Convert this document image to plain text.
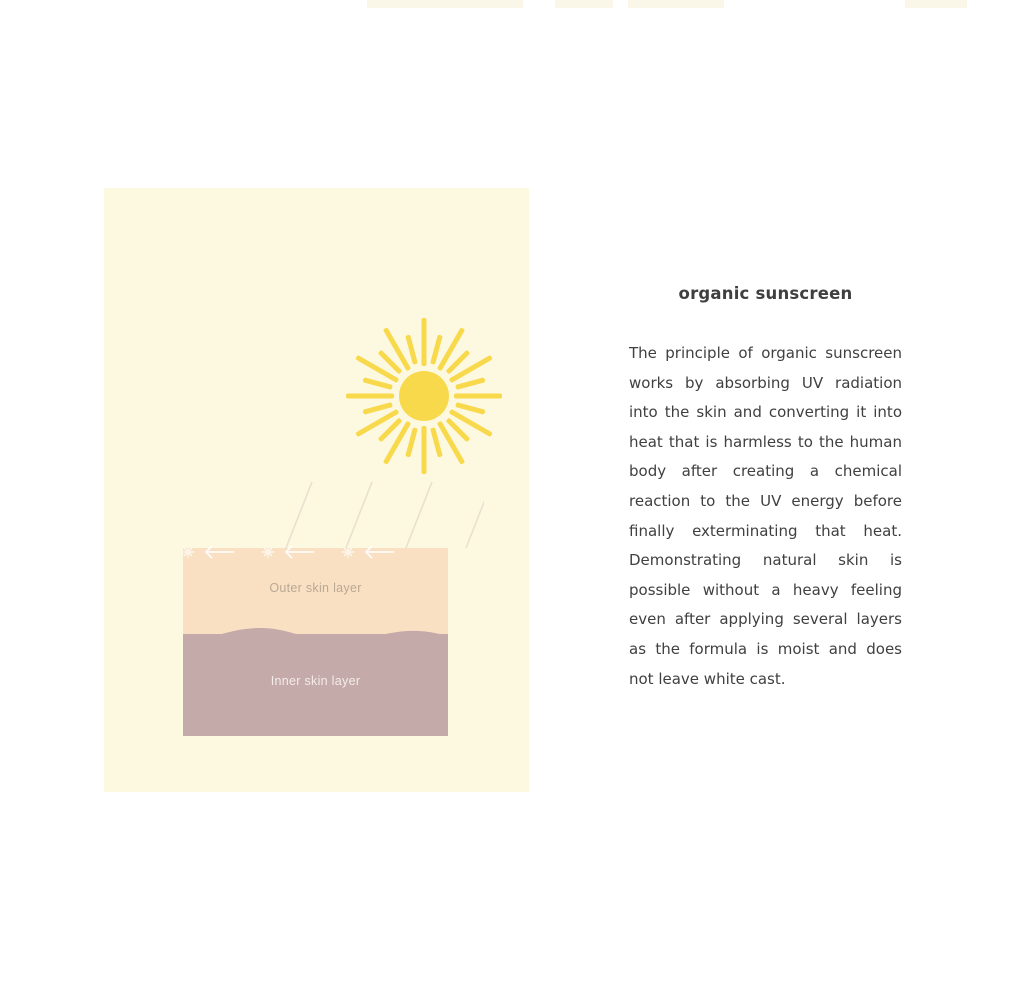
Outer skin layer
Inner skin layer
organic sunscreen

The principle of organic sunscreen works by absorbing UV radiation into the skin and converting it into heat that is harmless to the human body after creating a chemical reaction to the UV energy before finally exterminating that heat. Demonstrating natural skin is possible without a heavy feeling even after applying several layers as the formula is moist and does not leave white cast.
